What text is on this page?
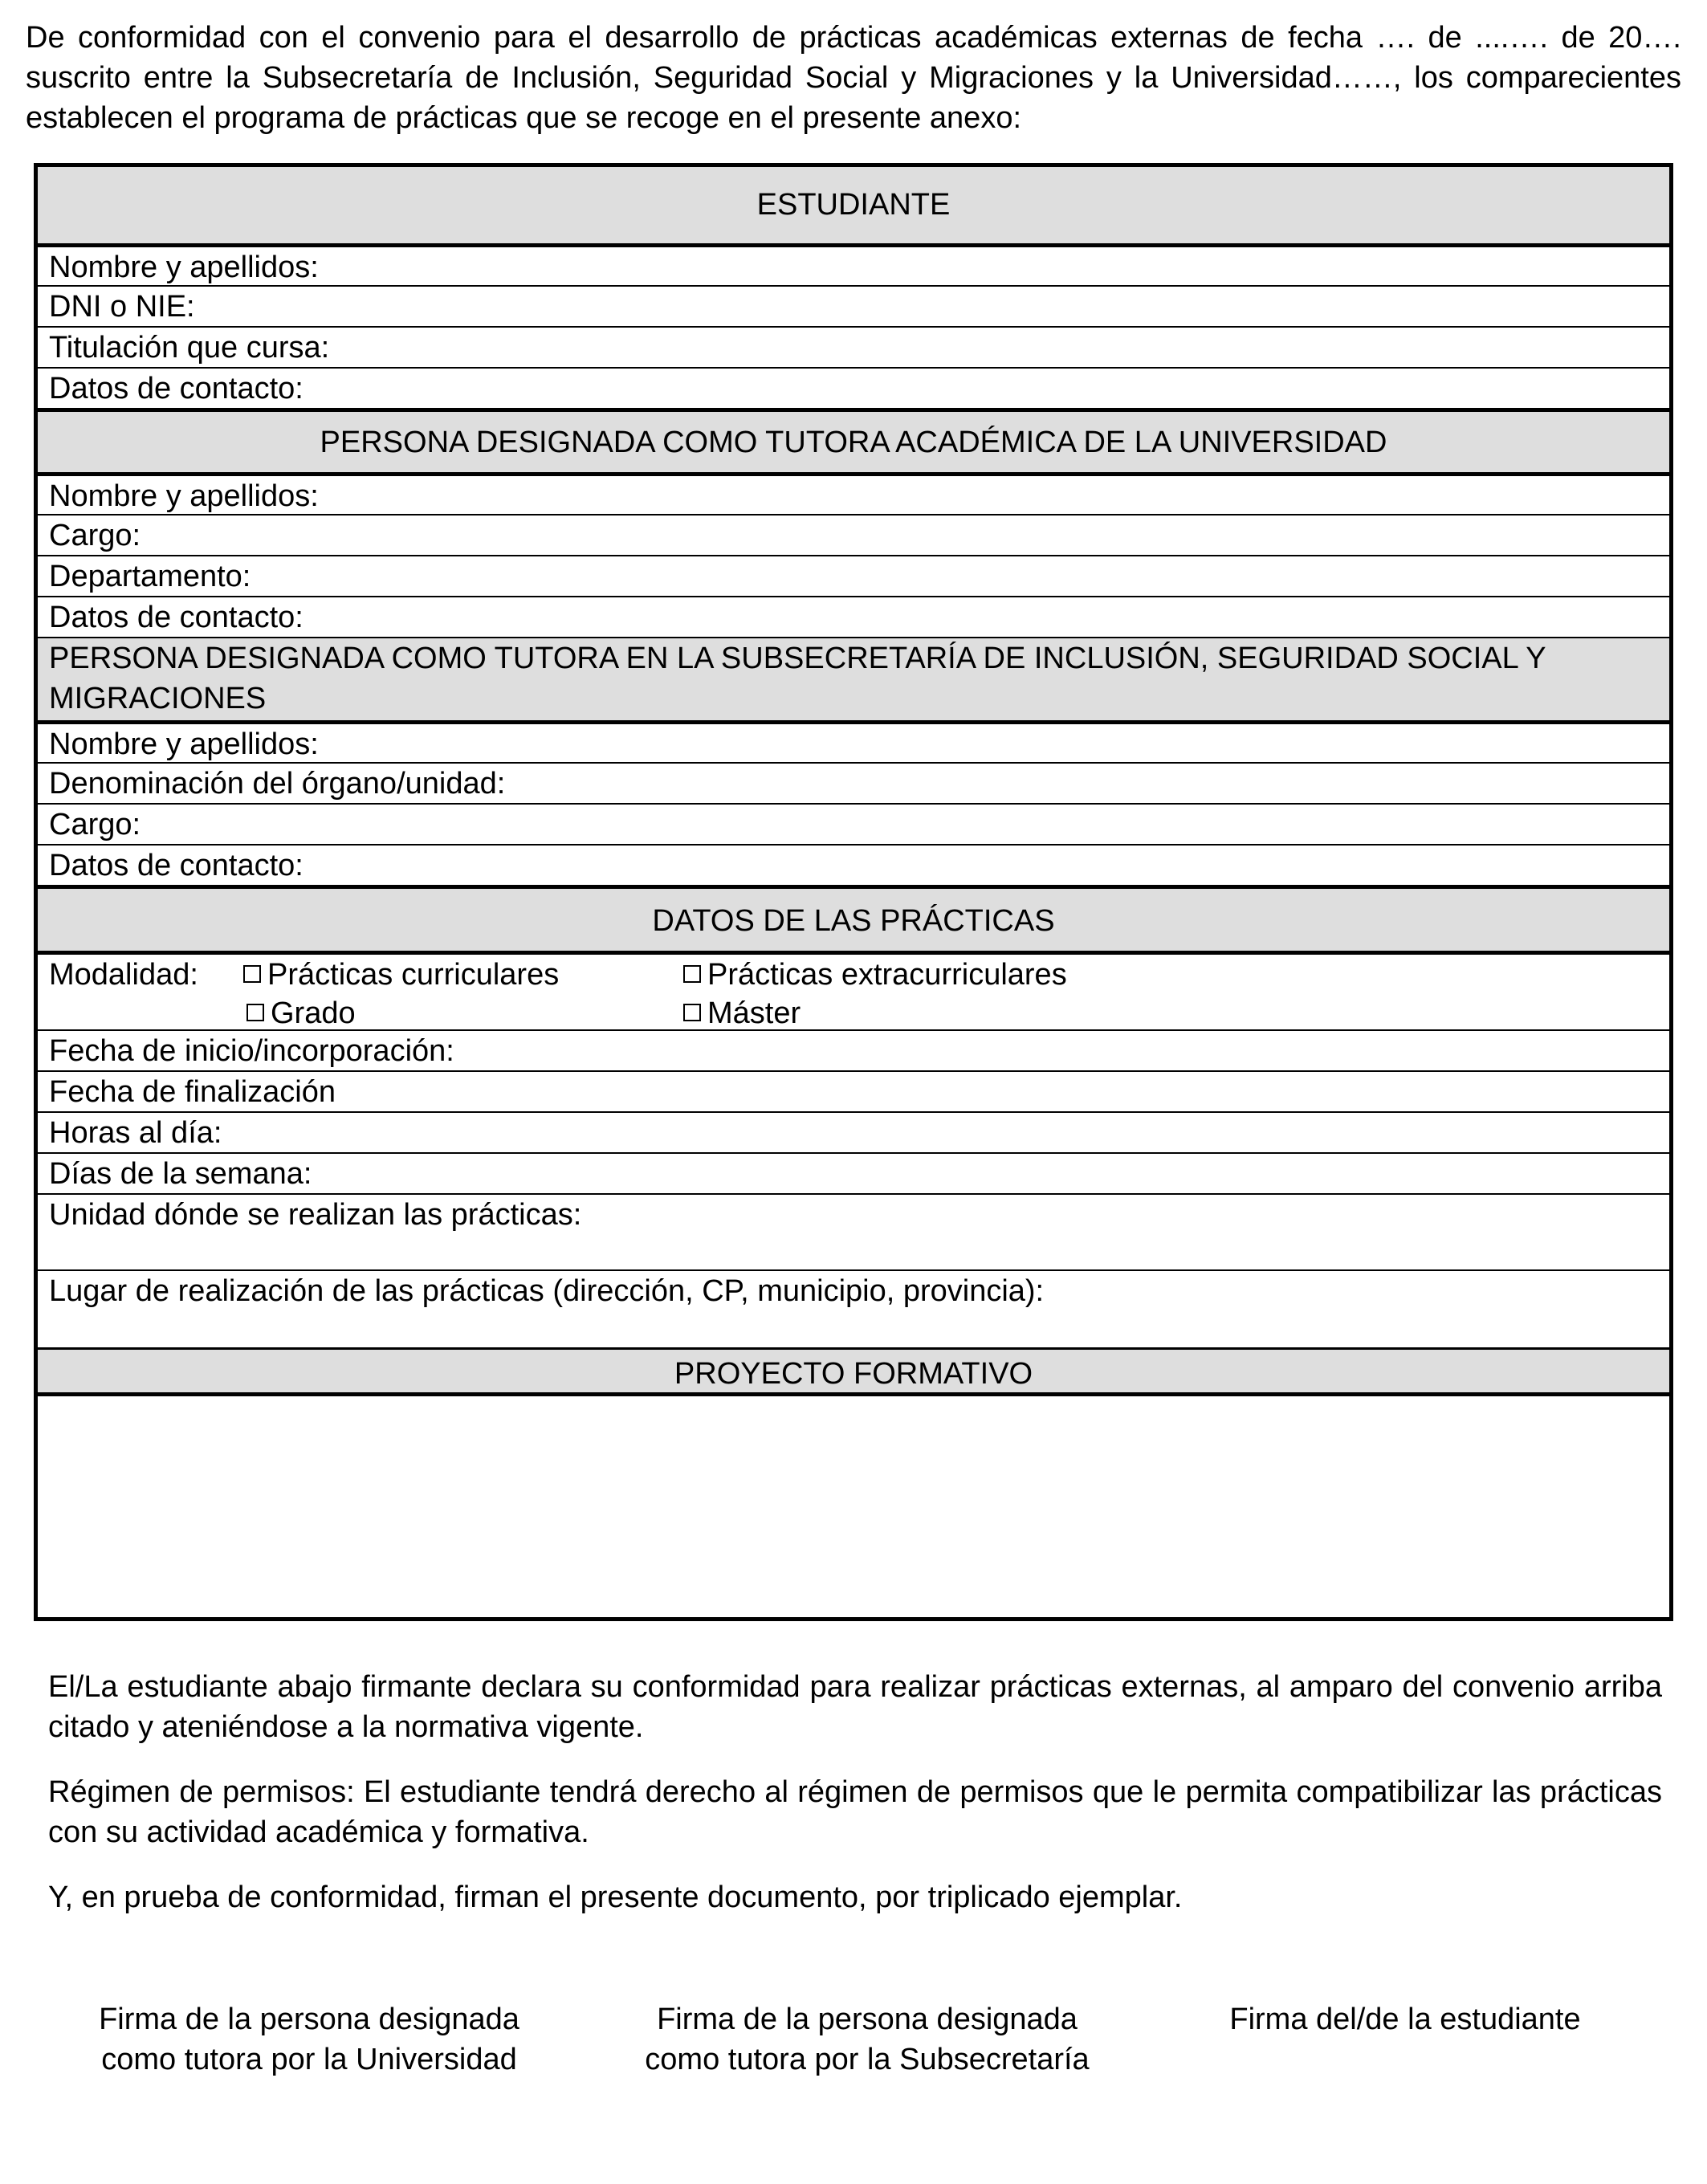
De conformidad con el convenio para el desarrollo de prácticas académicas externas de fecha …. de ....…. de 20…. suscrito entre la Subsecretaría de Inclusión, Seguridad Social y Migraciones y la Universidad……, los comparecientes establecen el programa de prácticas que se recoge en el presente anexo:
ESTUDIANTE
Nombre y apellidos:
DNI o NIE:
Titulación que cursa:
Datos de contacto:
PERSONA DESIGNADA COMO TUTORA ACADÉMICA DE LA UNIVERSIDAD
Nombre y apellidos:
Cargo:
Departamento:
Datos de contacto:
PERSONA DESIGNADA COMO TUTORA EN LA SUBSECRETARÍA DE INCLUSIÓN, SEGURIDAD SOCIAL Y MIGRACIONES
Nombre y apellidos:
Denominación del órgano/unidad:
Cargo:
Datos de contacto:
DATOS DE LAS PRÁCTICAS
Modalidad:	Prácticas curriculares	Prácticas extracurriculares
Grado	Máster
Fecha de inicio/incorporación:
Fecha de finalización
Horas al día:
Días de la semana:
Unidad dónde se realizan las prácticas:
Lugar de realización de las prácticas (dirección, CP, municipio, provincia):
PROYECTO FORMATIVO
El/La estudiante abajo firmante declara su conformidad para realizar prácticas externas, al amparo del convenio arriba citado y ateniéndose a la normativa vigente.
Régimen de permisos: El estudiante tendrá derecho al régimen de permisos que le permita compatibilizar las prácticas con su actividad académica y formativa.
Y, en prueba de conformidad, firman el presente documento, por triplicado ejemplar.
Firma de la persona designada
como tutora por la Universidad
Firma de la persona designada
como tutora por la Subsecretaría
Firma del/de la estudiante
